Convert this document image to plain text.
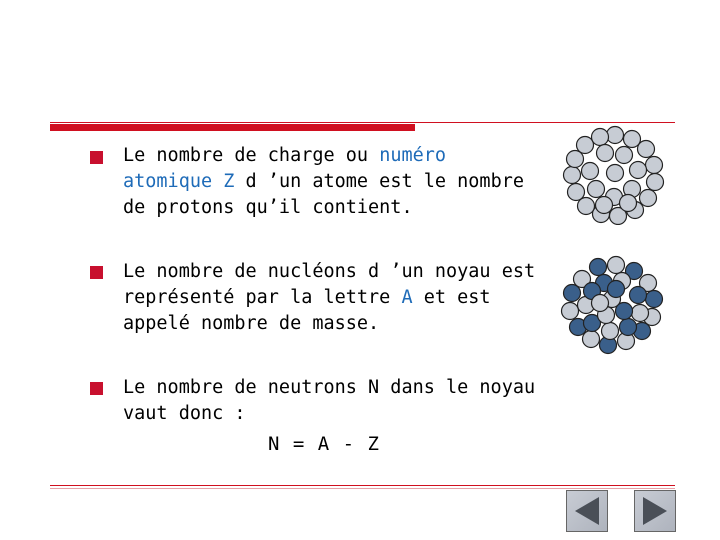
Le nombre de charge ou numéro
atomique Z d ’un atome est le nombre
de protons qu’il contient.
Le nombre de nucléons d ’un noyau est
représenté par la lettre A et est
appelé nombre de masse.
Le nombre de neutrons N dans le noyau
vaut donc :
N = A - Z
